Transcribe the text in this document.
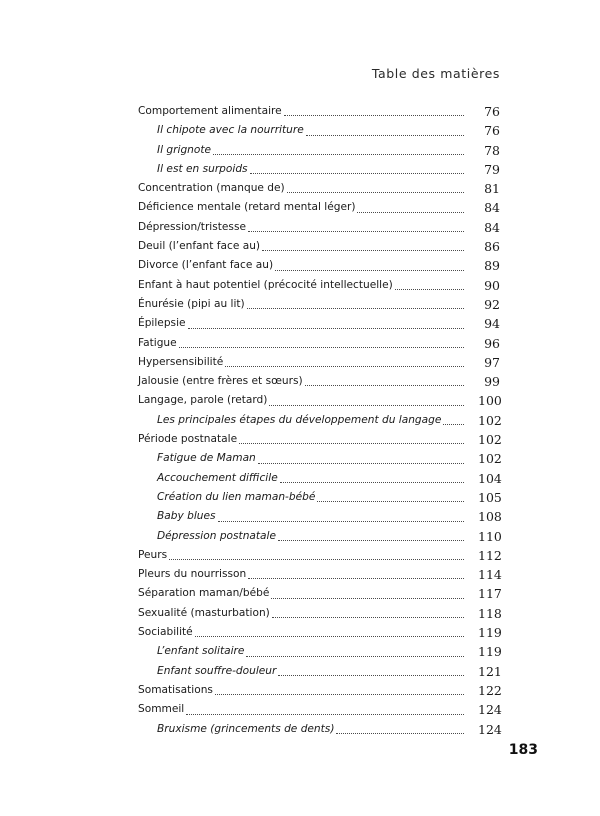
Table des matières
Comportement alimentaire	76
Il chipote avec la nourriture	76
Il grignote	78
Il est en surpoids	79
Concentration (manque de)	81
Déficience mentale (retard mental léger)	84
Dépression/tristesse	84
Deuil (l’enfant face au)	86
Divorce (l’enfant face au)	89
Enfant à haut potentiel (précocité intellectuelle)	90
Énurésie (pipi au lit)	92
Épilepsie	94
Fatigue	96
Hypersensibilité	97
Jalousie (entre frères et sœurs)	99
Langage, parole (retard)	100
Les principales étapes du développement du langage	102
Période postnatale	102
Fatigue de Maman	102
Accouchement difficile	104
Création du lien maman-bébé	105
Baby blues	108
Dépression postnatale	110
Peurs	112
Pleurs du nourrisson	114
Séparation maman/bébé	117
Sexualité (masturbation)	118
Sociabilité	119
L’enfant solitaire	119
Enfant souffre-douleur	121
Somatisations	122
Sommeil	124
Bruxisme (grincements de dents)	124
183
